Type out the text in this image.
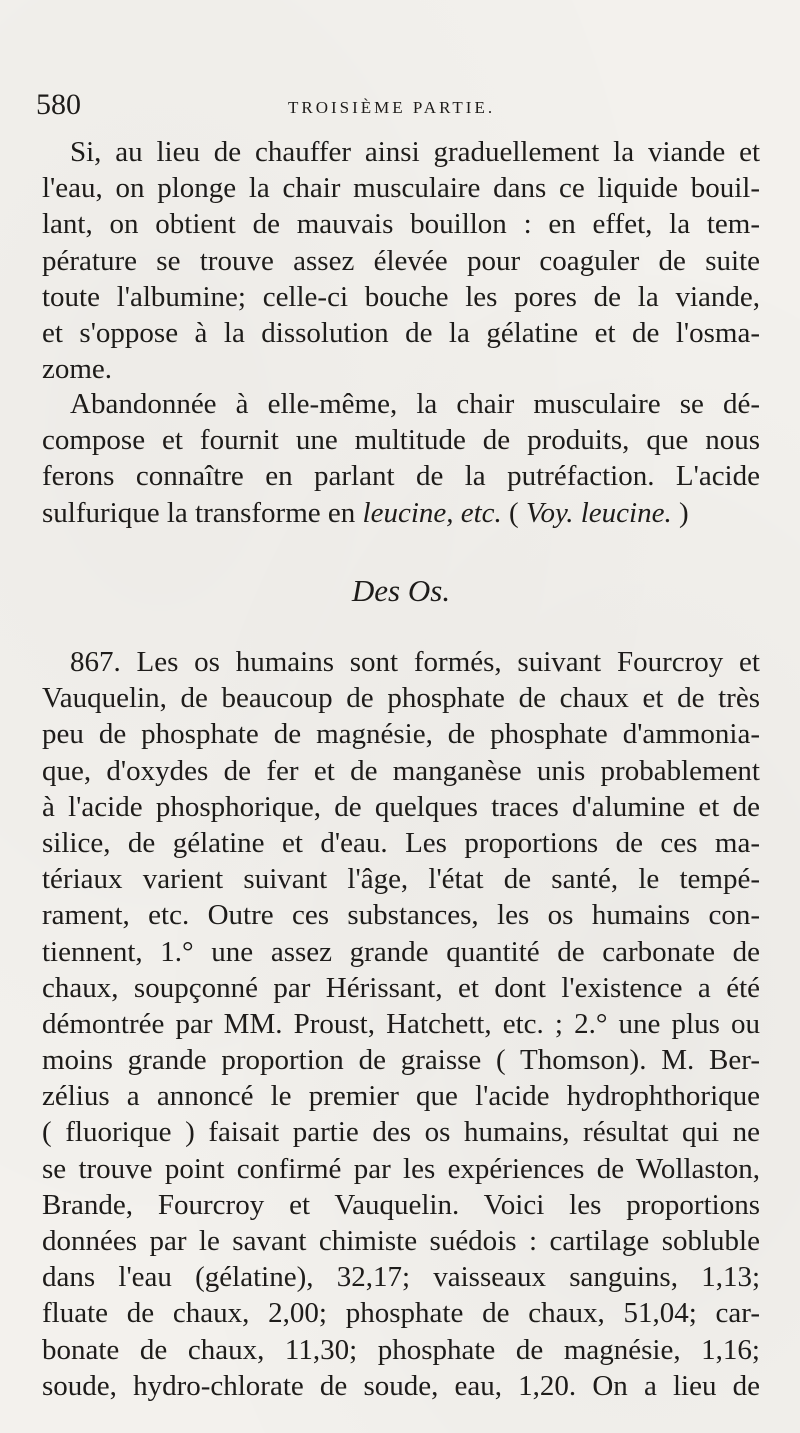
580	TROISIÈME PARTIE.

Si, au lieu de chauffer ainsi graduellement la viande et
l'eau, on plonge la chair musculaire dans ce liquide bouil-
lant, on obtient de mauvais bouillon : en effet, la tem-
pérature se trouve assez élevée pour coaguler de suite
toute l'albumine; celle-ci bouche les pores de la viande,
et s'oppose à la dissolution de la gélatine et de l'osma-
zome.

Abandonnée à elle-même, la chair musculaire se dé-
compose et fournit une multitude de produits, que nous
ferons connaître en parlant de la putréfaction. L'acide
sulfurique la transforme en leucine, etc. ( Voy. leucine. )

Des Os.

867. Les os humains sont formés, suivant Fourcroy et
Vauquelin, de beaucoup de phosphate de chaux et de très
peu de phosphate de magnésie, de phosphate d'ammonia-
que, d'oxydes de fer et de manganèse unis probablement
à l'acide phosphorique, de quelques traces d'alumine et de
silice, de gélatine et d'eau. Les proportions de ces ma-
tériaux varient suivant l'âge, l'état de santé, le tempé-
rament, etc. Outre ces substances, les os humains con-
tiennent, 1.° une assez grande quantité de carbonate de
chaux, soupçonné par Hérissant, et dont l'existence a été
démontrée par MM. Proust, Hatchett, etc. ; 2.° une plus ou
moins grande proportion de graisse ( Thomson). M. Ber-
zélius a annoncé le premier que l'acide hydrophthorique
( fluorique ) faisait partie des os humains, résultat qui ne
se trouve point confirmé par les expériences de Wollaston,
Brande, Fourcroy et Vauquelin. Voici les proportions
données par le savant chimiste suédois : cartilage sobluble
dans l'eau (gélatine), 32,17; vaisseaux sanguins, 1,13;
fluate de chaux, 2,00; phosphate de chaux, 51,04; car-
bonate de chaux, 11,30; phosphate de magnésie, 1,16;
soude, hydro-chlorate de soude, eau, 1,20. On a lieu de
